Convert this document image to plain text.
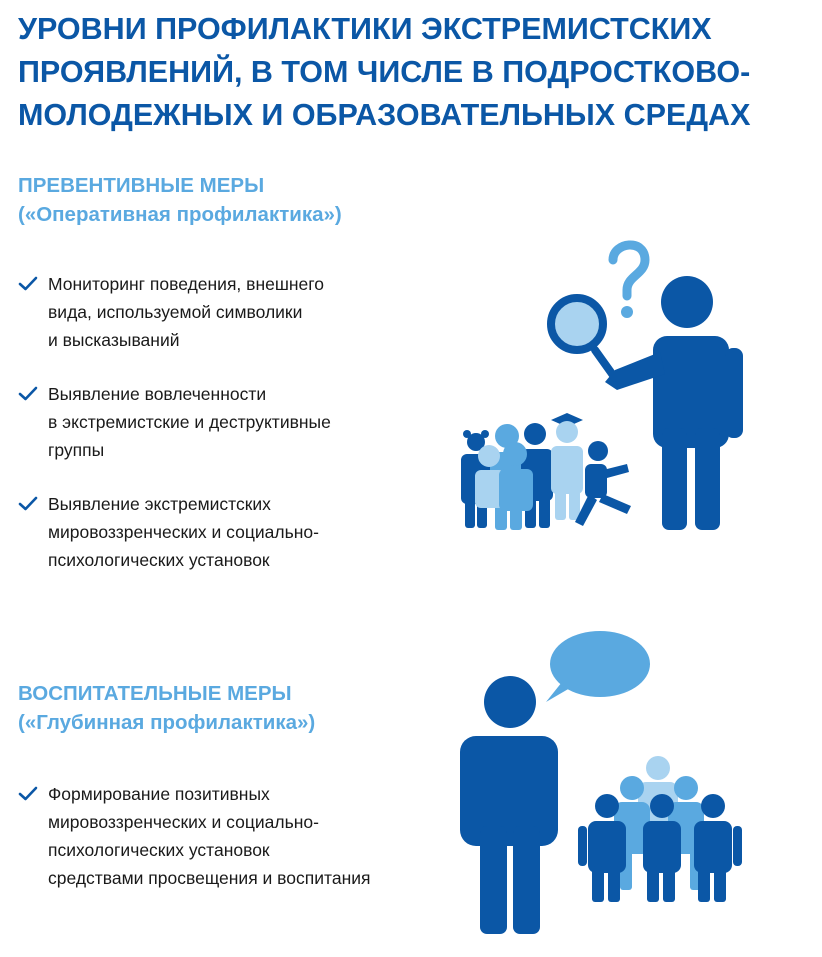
УРОВНИ ПРОФИЛАКТИКИ ЭКСТРЕМИСТСКИХ
ПРОЯВЛЕНИЙ, В ТОМ ЧИСЛЕ В ПОДРОСТКОВО-
МОЛОДЕЖНЫХ И ОБРАЗОВАТЕЛЬНЫХ СРЕДАХ
ПРЕВЕНТИВНЫЕ МЕРЫ
(«Оперативная профилактика»)
Мониторинг поведения, внешнего
вида, используемой символики
и высказываний
Выявление вовлеченности
в экстремистские и деструктивные
группы
Выявление экстремистских
мировоззренческих и социально-
психологических установок
ВОСПИТАТЕЛЬНЫЕ МЕРЫ
(«Глубинная профилактика»)
Формирование позитивных
мировоззренческих и социально-
психологических установок
средствами просвещения и воспитания
